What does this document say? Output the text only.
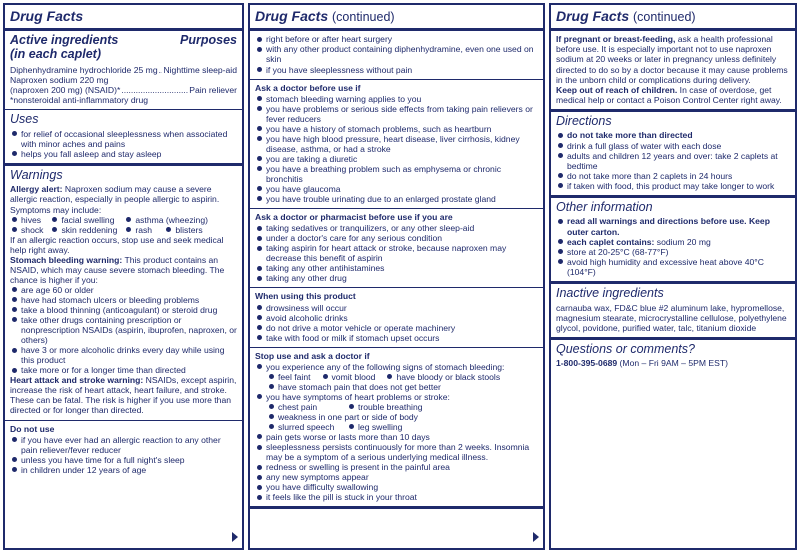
Drug Facts
Active ingredients	Purposes
(in each caplet)
Diphenhydramine hydrochloride 25 mg ..... Nighttime sleep-aid
Naproxen sodium 220 mg
(naproxen 200 mg) (NSAID)* .....	Pain reliever
*nonsteroidal anti-inflammatory drug
Uses
for relief of occasional sleeplessness when associated with minor aches and pains
helps you fall asleep and stay asleep
Warnings
Allergy alert: Naproxen sodium may cause a severe allergic reaction, especially in people allergic to aspirin. Symptoms may include:
hives	facial swelling	asthma (wheezing)
shock	skin reddening	rash	blisters
If an allergic reaction occurs, stop use and seek medical help right away.
Stomach bleeding warning: This product contains an NSAID, which may cause severe stomach bleeding. The chance is higher if you:
are age 60 or older
have had stomach ulcers or bleeding problems
take a blood thinning (anticoagulant) or steroid drug
take other drugs containing prescription or nonprescription NSAIDs (aspirin, ibuprofen, naproxen, or others)
have 3 or more alcoholic drinks every day while using this product
take more or for a longer time than directed
Heart attack and stroke warning: NSAIDs, except aspirin, increase the risk of heart attack, heart failure, and stroke. These can be fatal. The risk is higher if you use more than directed or for longer than directed.
Do not use
if you have ever had an allergic reaction to any other pain reliever/fever reducer
unless you have time for a full night's sleep
in children under 12 years of age
Drug Facts (continued)
right before or after heart surgery
with any other product containing diphenhydramine, even one used on skin
if you have sleeplessness without pain
Ask a doctor before use if
stomach bleeding warning applies to you
you have problems or serious side effects from taking pain relievers or fever reducers
you have a history of stomach problems, such as heartburn
you have high blood pressure, heart disease, liver cirrhosis, kidney disease, asthma, or had a stroke
you are taking a diuretic
you have a breathing problem such as emphysema or chronic bronchitis
you have glaucoma
you have trouble urinating due to an enlarged prostate gland
Ask a doctor or pharmacist before use if you are
taking sedatives or tranquilizers, or any other sleep-aid
under a doctor's care for any serious condition
taking aspirin for heart attack or stroke, because naproxen may decrease this benefit of aspirin
taking any other antihistamines
taking any other drug
When using this product
drowsiness will occur
avoid alcoholic drinks
do not drive a motor vehicle or operate machinery
take with food or milk if stomach upset occurs
Stop use and ask a doctor if
you experience any of the following signs of stomach bleeding:
feel faint	vomit blood	have bloody or black stools
have stomach pain that does not get better
you have symptoms of heart problems or stroke:
chest pain	trouble breathing
weakness in one part or side of body
slurred speech	leg swelling
pain gets worse or lasts more than 10 days
sleeplessness persists continuously for more than 2 weeks. Insomnia may be a symptom of a serious underlying medical illness.
redness or swelling is present in the painful area
any new symptoms appear
you have difficulty swallowing
it feels like the pill is stuck in your throat
Drug Facts (continued)
If pregnant or breast-feeding, ask a health professional before use. It is especially important not to use naproxen sodium at 20 weeks or later in pregnancy unless definitely directed to do so by a doctor because it may cause problems in the unborn child or complications during delivery.
Keep out of reach of children. In case of overdose, get medical help or contact a Poison Control Center right away.
Directions
do not take more than directed
drink a full glass of water with each dose
adults and children 12 years and over: take 2 caplets at bedtime
do not take more than 2 caplets in 24 hours
if taken with food, this product may take longer to work
Other information
read all warnings and directions before use. Keep outer carton.
each caplet contains: sodium 20 mg
store at 20-25°C (68-77°F)
avoid high humidity and excessive heat above 40°C (104°F)
Inactive ingredients
carnauba wax, FD&C blue #2 aluminum lake, hypromellose, magnesium stearate, microcrystalline cellulose, polyethylene glycol, povidone, purified water, talc, titanium dioxide
Questions or comments?
1-800-395-0689 (Mon – Fri 9AM – 5PM EST)
